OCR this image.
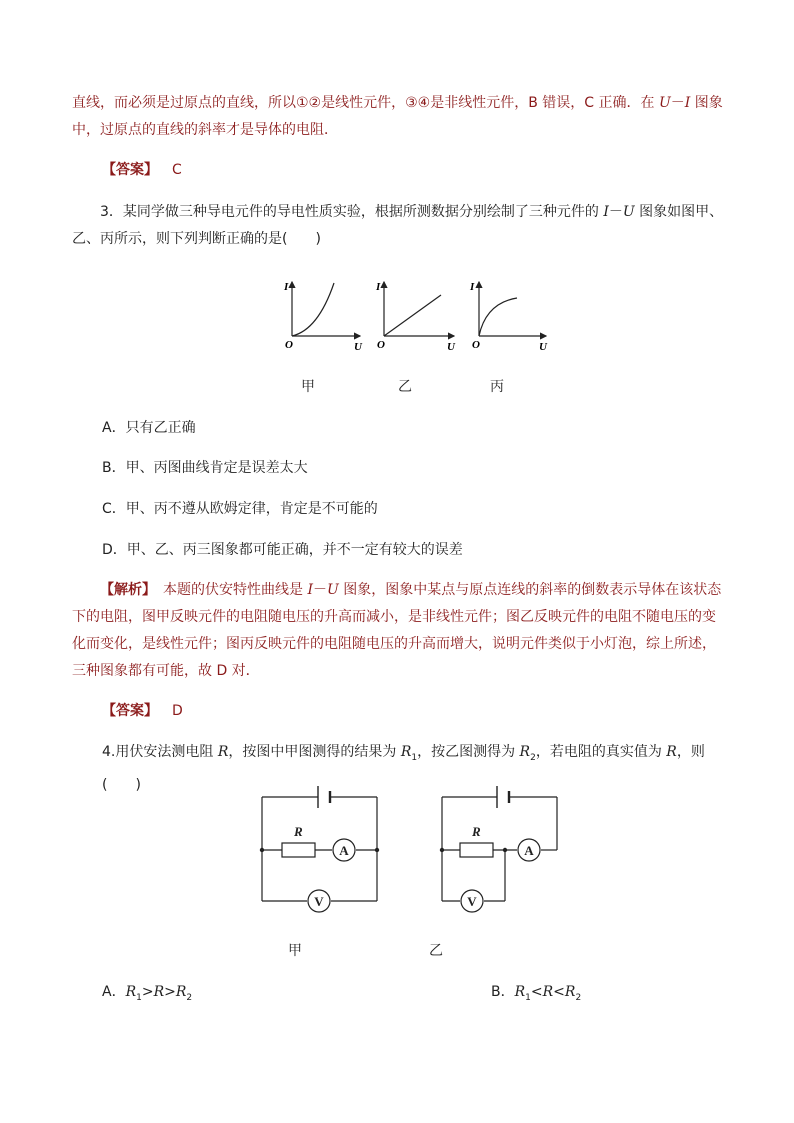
直线，而必须是过原点的直线，所以①②是线性元件，③④是非线性元件，B 错误，C 正确．在 U－I 图象中，过原点的直线的斜率才是导体的电阻．

【答案】 C

3．某同学做三种导电元件的导电性质实验，根据所测数据分别绘制了三种元件的 I－U 图象如图甲、乙、丙所示，则下列判断正确的是(　　)

I
O	U
I
O	U
I
O	U
甲	乙	丙
A．只有乙正确
B．甲、丙图曲线肯定是误差太大
C．甲、丙不遵从欧姆定律，肯定是不可能的
D．甲、乙、丙三图象都可能正确，并不一定有较大的误差

【解析】　 本题的伏安特性曲线是 I－U 图象，图象中某点与原点连线的斜率的倒数表示导体在该状态下的电阻，图甲反映元件的电阻随电压的升高而减小，是非线性元件；图乙反映元件的电阻不随电压的变化而变化，是线性元件；图丙反映元件的电阻随电压的升高而增大，说明元件类似于小灯泡，综上所述，三种图象都有可能，故 D 对．

【答案】 D

4.用伏安法测电阻 R，按图中甲图测得的结果为 $R_1$，按乙图测得为 $R_2$，若电阻的真实值为 R，则(　　)

R
A
V
R
A
V
甲	乙
A．$R_1>R>R_2$	B．$R_1<R<R_2$
